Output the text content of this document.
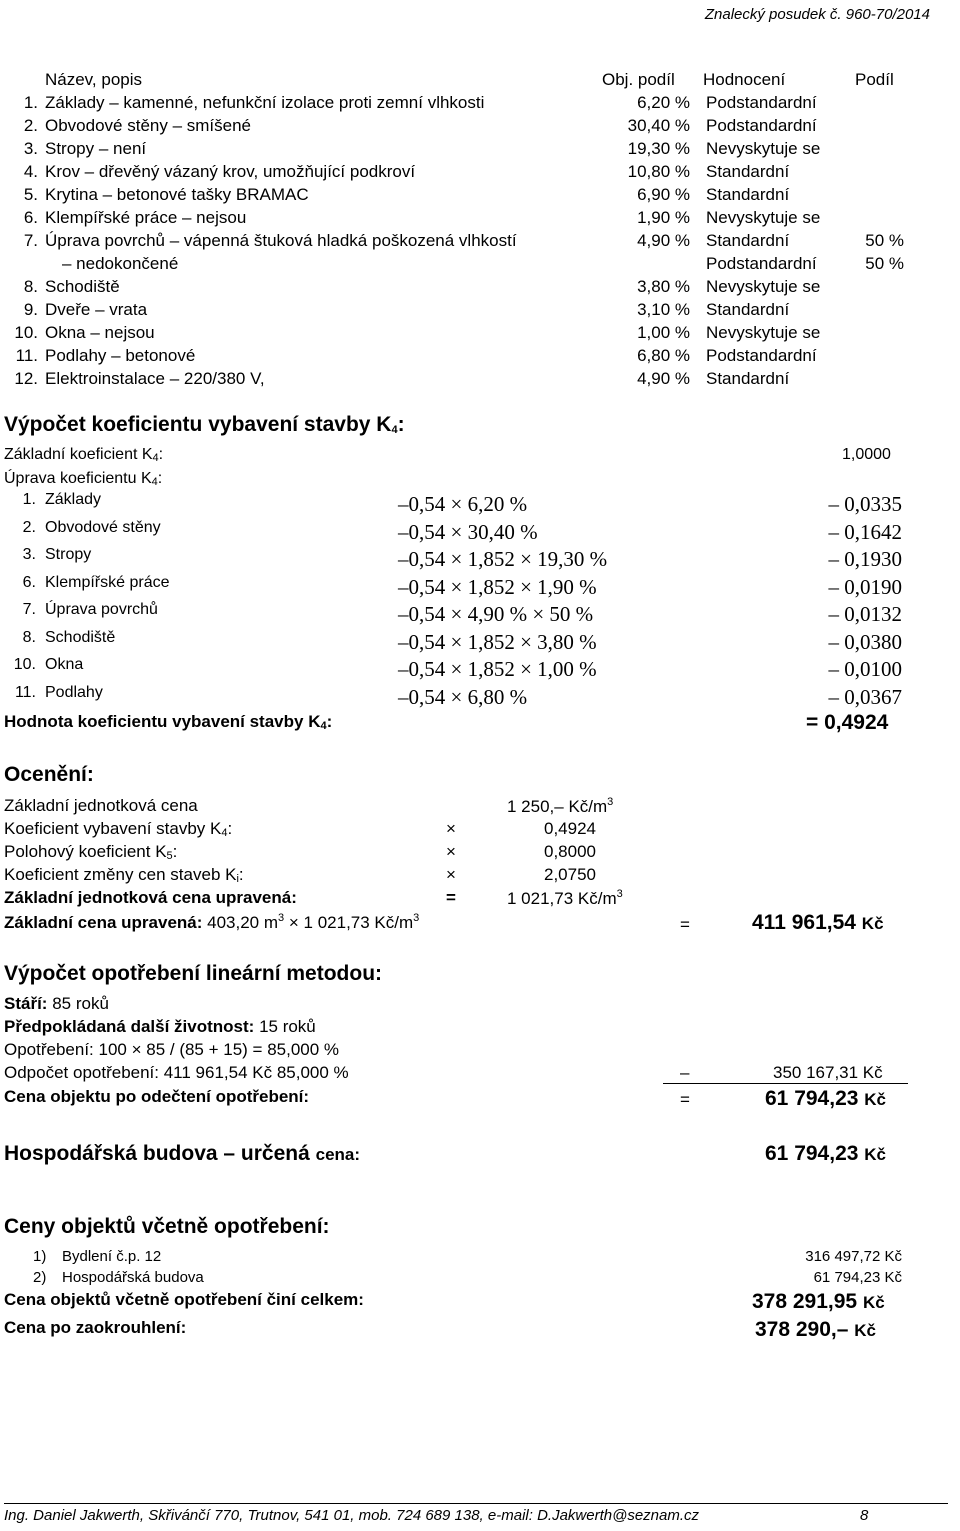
Znalecký posudek č. 960-70/2014
Název, popis	Obj. podíl Hodnocení	Podíl
1. Základy – kamenné, nefunkční izolace proti zemní vlhkosti	6,20 % Podstandardní
2. Obvodové stěny – smíšené	30,40 % Podstandardní
3. Stropy – není	19,30 % Nevyskytuje se
4. Krov – dřevěný vázaný krov, umožňující podkroví	10,80 % Standardní
5. Krytina – betonové tašky BRAMAC	6,90 % Standardní
6. Klempířské práce – nejsou	1,90 % Nevyskytuje se
7. Úprava povrchů – vápenná štuková hladká poškozená vlhkostí	4,90 % Standardní	50 %
– nedokončené	Podstandardní	50 %
8. Schodiště	3,80 % Nevyskytuje se
9. Dveře – vrata	3,10 % Standardní
10. Okna – nejsou	1,00 % Nevyskytuje se
11. Podlahy – betonové	6,80 % Podstandardní
12. Elektroinstalace – 220/380 V,	4,90 % Standardní
Výpočet koeficientu vybavení stavby $K_4$:
Základní koeficient $K_4$:	1,0000
Úprava koeficientu $K_4$:
1. Základy	–0,54 × 6,20 %	– 0,0335
2. Obvodové stěny	–0,54 × 30,40 %	– 0,1642
3. Stropy	–0,54 × 1,852 × 19,30 %	– 0,1930
6. Klempířské práce	–0,54 × 1,852 × 1,90 %	– 0,0190
7. Úprava povrchů	–0,54 × 4,90 % × 50 %	– 0,0132
8. Schodiště	–0,54 × 1,852 × 3,80 %	– 0,0380
10. Okna	–0,54 × 1,852 × 1,00 %	– 0,0100
11. Podlahy	–0,54 × 6,80 %	– 0,0367
Hodnota koeficientu vybavení stavby $K_4$:	= 0,4924
Ocenění:
Základní jednotková cena	1 250,– $Kč/m^3$
Koeficient vybavení stavby $K_4$:	×	0,4924
Polohový koeficient $K_5$:	×	0,8000
Koeficient změny cen staveb $K_i$:	×	2,0750
Základní jednotková cena upravená:	=	1 021,73 $Kč/m^3$
Základní cena upravená: 403,20 $m^3 \times 1$ 021,73 $Kč/m^3$	=	411 961,54 Kč
Výpočet opotřebení lineární metodou:
Stáří: 85 roků
Předpokládaná další životnost: 15 roků
Opotřebení: 100 × 85 / (85 + 15) = 85,000 %
Odpočet opotřebení: 411 961,54 Kč 85,000 %	–	350 167,31 Kč
Cena objektu po odečtení opotřebení:	=	61 794,23 Kč
Hospodářská budova – určená cena:	61 794,23 Kč
Ceny objektů včetně opotřebení:
1) Bydlení č.p. 12	316 497,72 Kč
2) Hospodářská budova	61 794,23 Kč
Cena objektů včetně opotřebení činí celkem:	378 291,95 Kč
Cena po zaokrouhlení:	378 290,– Kč
Ing. Daniel Jakwerth, Skřivánčí 770, Trutnov, 541 01, mob. 724 689 138, e-mail: D.Jakwerth@seznam.cz	8
